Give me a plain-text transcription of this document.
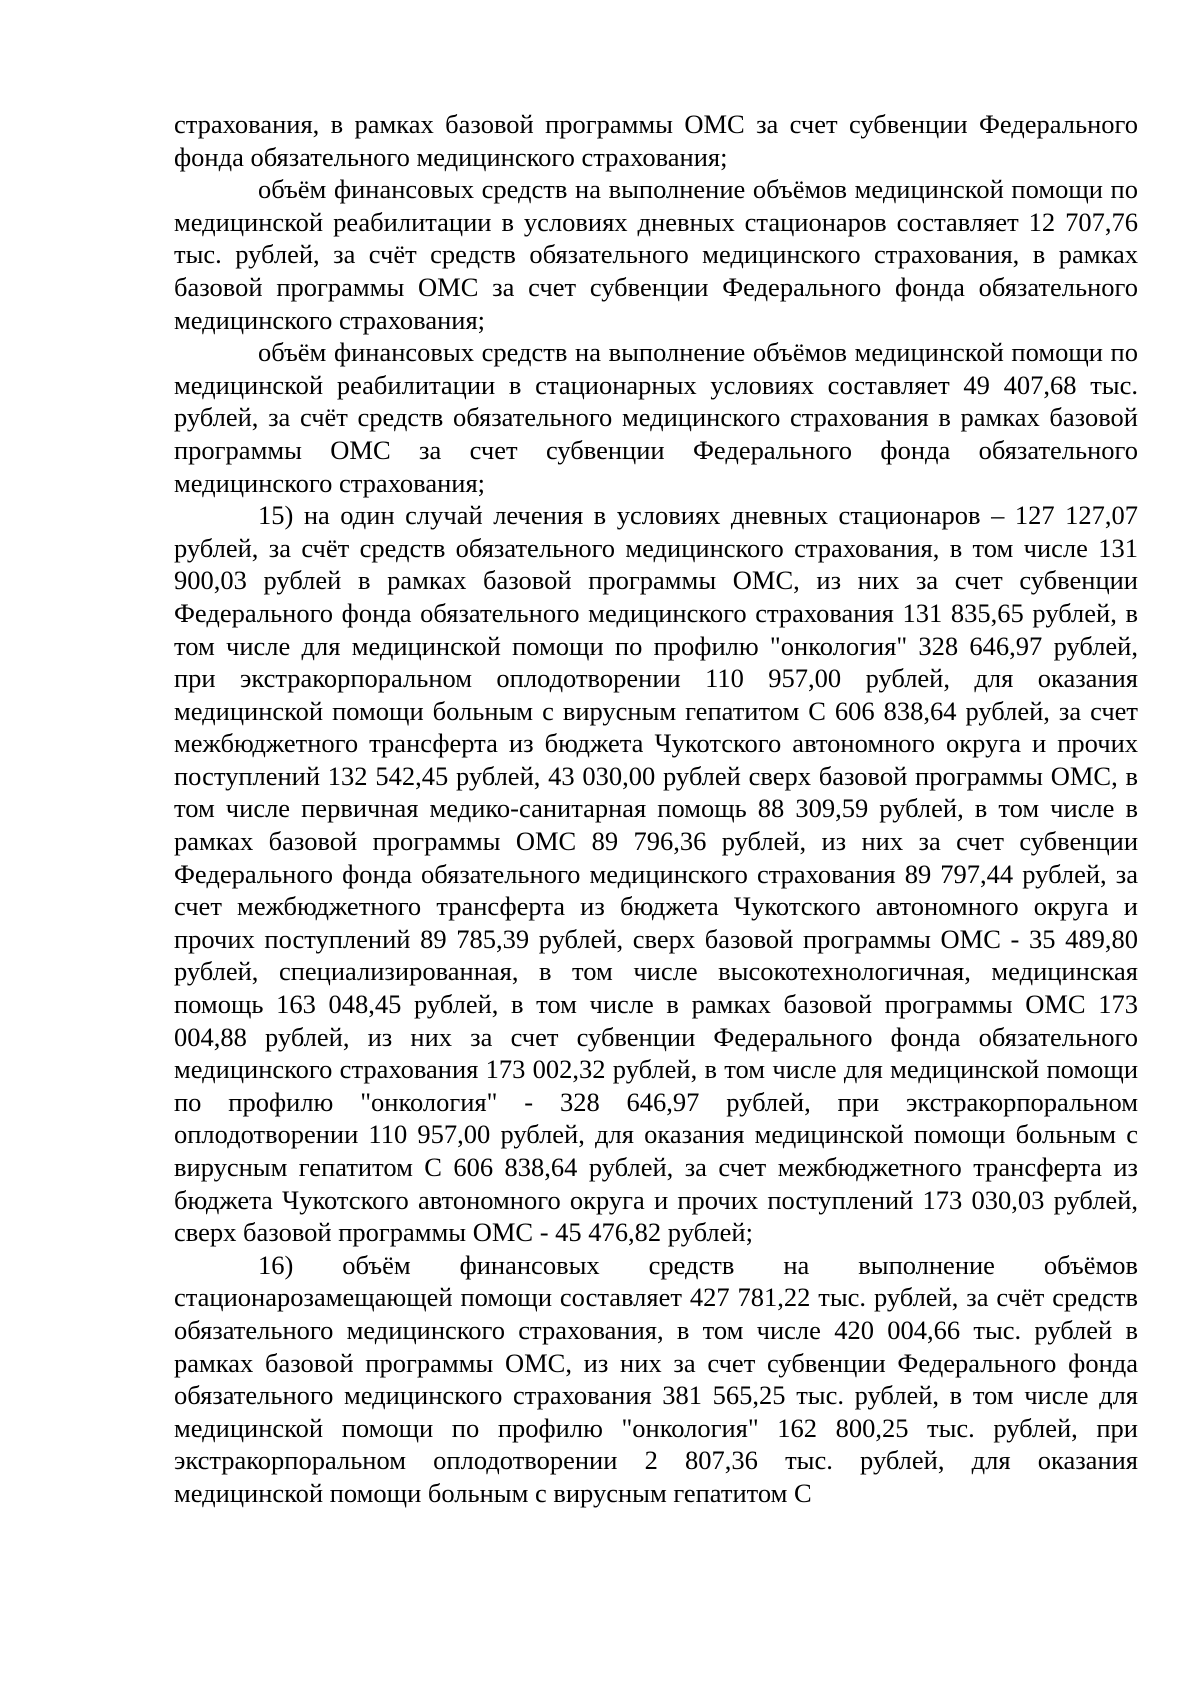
страхования, в рамках базовой программы ОМС за счет субвенции Федерального фонда обязательного медицинского страхования;

объём финансовых средств на выполнение объёмов медицинской помощи по медицинской реабилитации в условиях дневных стационаров составляет 12 707,76 тыс. рублей, за счёт средств обязательного медицинского страхования, в рамках базовой программы ОМС за счет субвенции Федерального фонда обязательного медицинского страхования;

объём финансовых средств на выполнение объёмов медицинской помощи по медицинской реабилитации в стационарных условиях составляет 49 407,68 тыс. рублей, за счёт средств обязательного медицинского страхования в рамках базовой программы ОМС за счет субвенции Федерального фонда обязательного медицинского страхования;

15) на один случай лечения в условиях дневных стационаров – 127 127,07 рублей, за счёт средств обязательного медицинского страхования, в том числе 131 900,03 рублей в рамках базовой программы ОМС, из них за счет субвенции Федерального фонда обязательного медицинского страхования 131 835,65 рублей, в том числе для медицинской помощи по профилю "онкология" 328 646,97 рублей, при экстракорпоральном оплодотворении 110 957,00 рублей, для оказания медицинской помощи больным с вирусным гепатитом С 606 838,64 рублей, за счет межбюджетного трансферта из бюджета Чукотского автономного округа и прочих поступлений 132 542,45 рублей, 43 030,00 рублей сверх базовой программы ОМС, в том числе первичная медико-санитарная помощь 88 309,59 рублей, в том числе в рамках базовой программы ОМС 89 796,36 рублей, из них за счет субвенции Федерального фонда обязательного медицинского страхования 89 797,44 рублей, за счет межбюджетного трансферта из бюджета Чукотского автономного округа и прочих поступлений 89 785,39 рублей, сверх базовой программы ОМС - 35 489,80 рублей, специализированная, в том числе высокотехнологичная, медицинская помощь 163 048,45 рублей, в том числе в рамках базовой программы ОМС 173 004,88 рублей, из них за счет субвенции Федерального фонда обязательного медицинского страхования 173 002,32 рублей, в том числе для медицинской помощи по профилю "онкология" - 328 646,97 рублей, при экстракорпоральном оплодотворении 110 957,00 рублей, для оказания медицинской помощи больным с вирусным гепатитом С 606 838,64 рублей, за счет межбюджетного трансферта из бюджета Чукотского автономного округа и прочих поступлений 173 030,03 рублей, сверх базовой программы ОМС - 45 476,82 рублей;

16) объём финансовых средств на выполнение объёмов стационарозамещающей помощи составляет 427 781,22 тыс. рублей, за счёт средств обязательного медицинского страхования, в том числе 420 004,66 тыс. рублей в рамках базовой программы ОМС, из них за счет субвенции Федерального фонда обязательного медицинского страхования 381 565,25 тыс. рублей, в том числе для медицинской помощи по профилю "онкология" 162 800,25 тыс. рублей, при экстракорпоральном оплодотворении 2 807,36 тыс. рублей, для оказания медицинской помощи больным с вирусным гепатитом С
